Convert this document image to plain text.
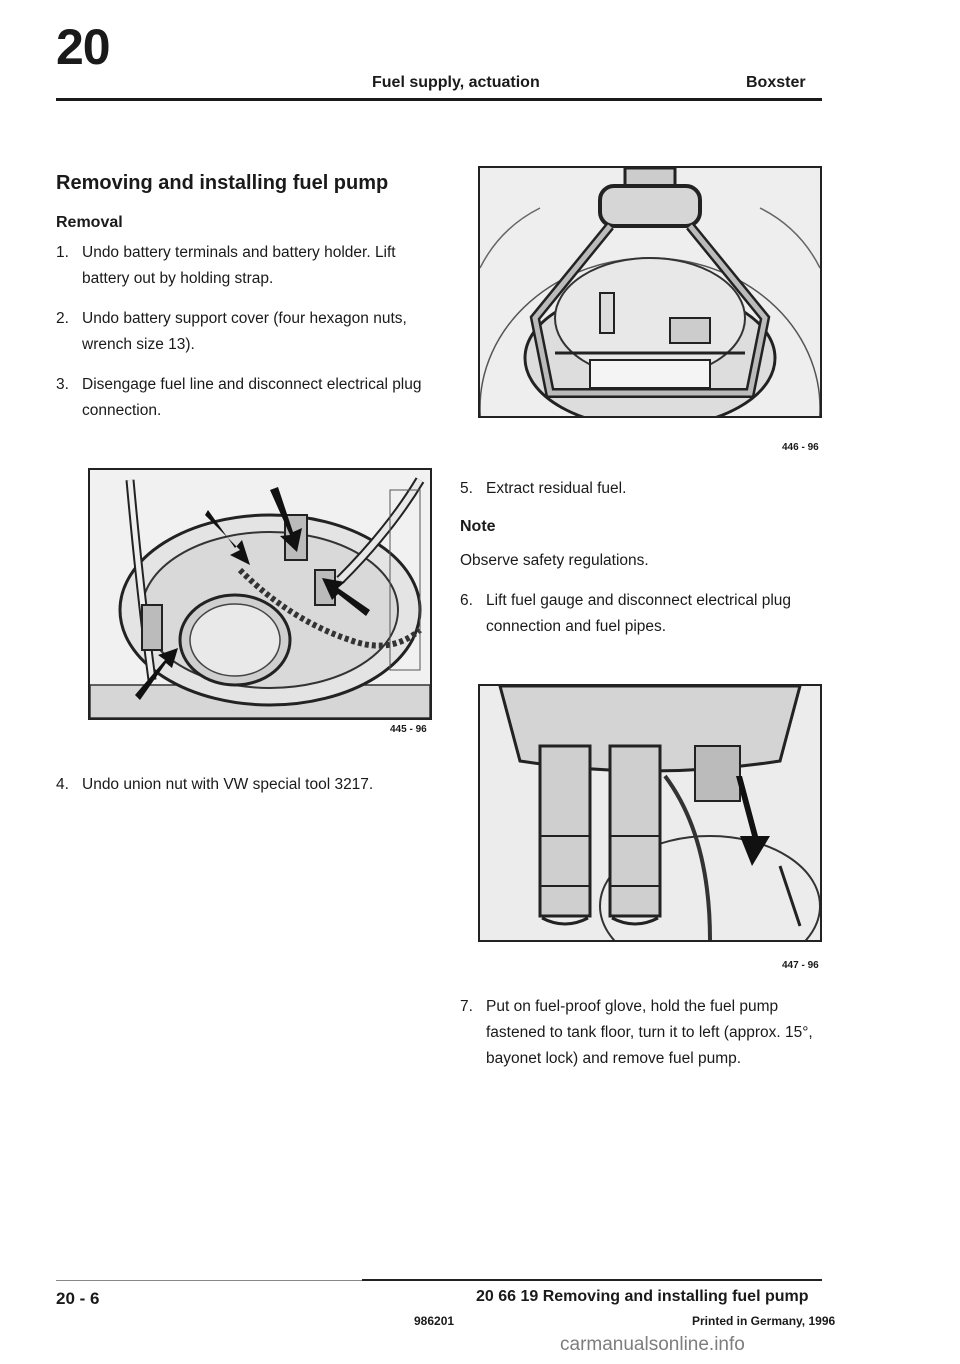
20
Fuel supply, actuation	Boxster
Removing and installing fuel pump
Removal
1. Undo battery terminals and battery holder. Lift battery out by holding strap.
2. Undo battery support cover (four hexagon nuts, wrench size 13).
3. Disengage fuel line and disconnect electrical plug connection.
445 - 96
4. Undo union nut with VW special tool 3217.
446 - 96
5. Extract residual fuel.
Note
Observe safety regulations.
6. Lift fuel gauge and disconnect electrical plug connection and fuel pipes.
447 - 96
7. Put on fuel-proof glove, hold the fuel pump fastened to tank floor, turn it to left (approx. 15°, bayonet lock) and remove fuel pump.
20 - 6	20 66 19 Removing and installing fuel pump
986201	Printed in Germany, 1996
carmanualsonline.info
